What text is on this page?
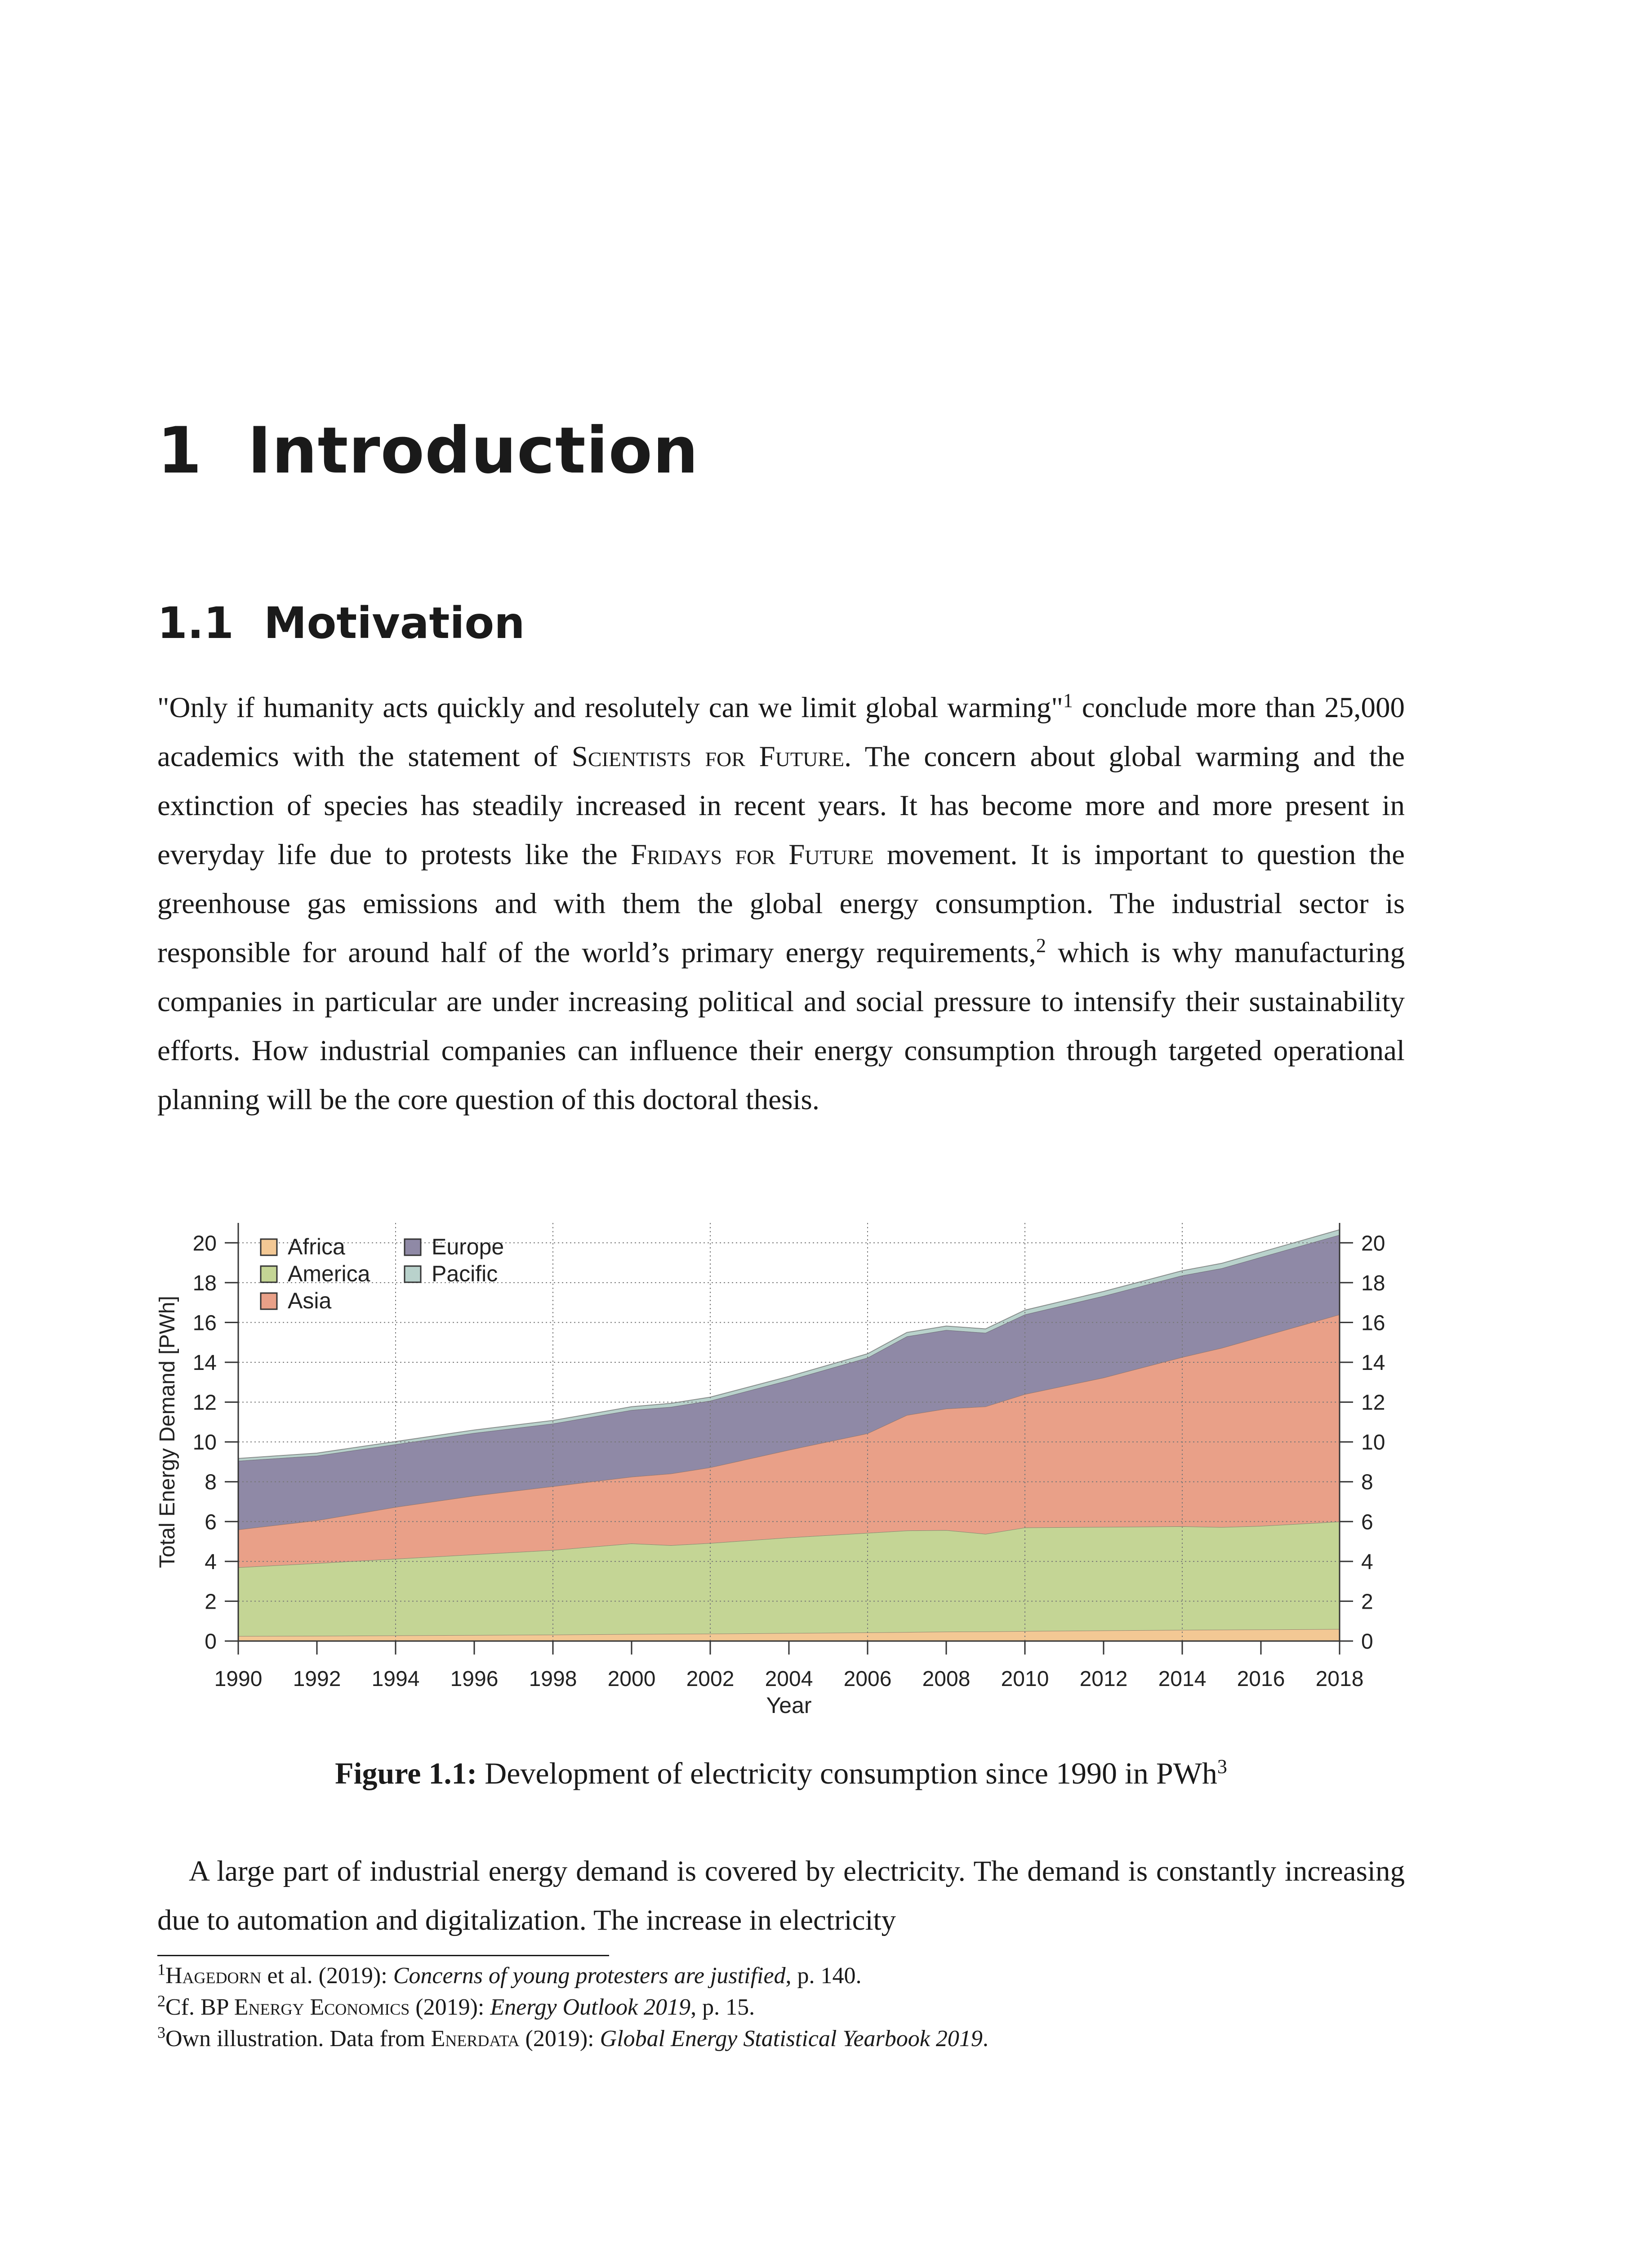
1 Introduction
1.1 Motivation

"Only if humanity acts quickly and resolutely can we limit global warming"$^1$ conclude more than 25,000 academics with the statement of Scientists for Future. The concern about global warming and the extinction of species has steadily increased in recent years. It has become more and more present in everyday life due to protests like the Fridays for Future movement. It is important to question the greenhouse gas emissions and with them the global energy consumption. The industrial sector is responsible for around half of the world’s primary energy requirements,$^2$ which is why manufacturing companies in particular are under increasing political and social pressure to intensify their sustainability efforts. How industrial companies can influence their energy consumption through targeted operational planning will be the core question of this doctoral thesis.

0	0
2	2
4	4
6	6
8	8
10	10
12	12
14	14
16	16
18	18
20	20
1990 1992 1994 1996 1998 2000 2002 2004 2006 2008 2010 2012 2014 2016 2018
Year
Total Energy Demand [PWh]
Africa	Europe
America	Pacific
Asia

Figure 1.1: Development of electricity consumption since 1990 in PWh$^3$

A large part of industrial energy demand is covered by electricity. The demand is constantly increasing due to automation and digitalization. The increase in electricity

$^1$Hagedorn et al. (2019): Concerns of young protesters are justified, p. 140.
$^2$Cf. BP Energy Economics (2019): Energy Outlook 2019, p. 15.
$^3$Own illustration. Data from Enerdata (2019): Global Energy Statistical Yearbook 2019.
